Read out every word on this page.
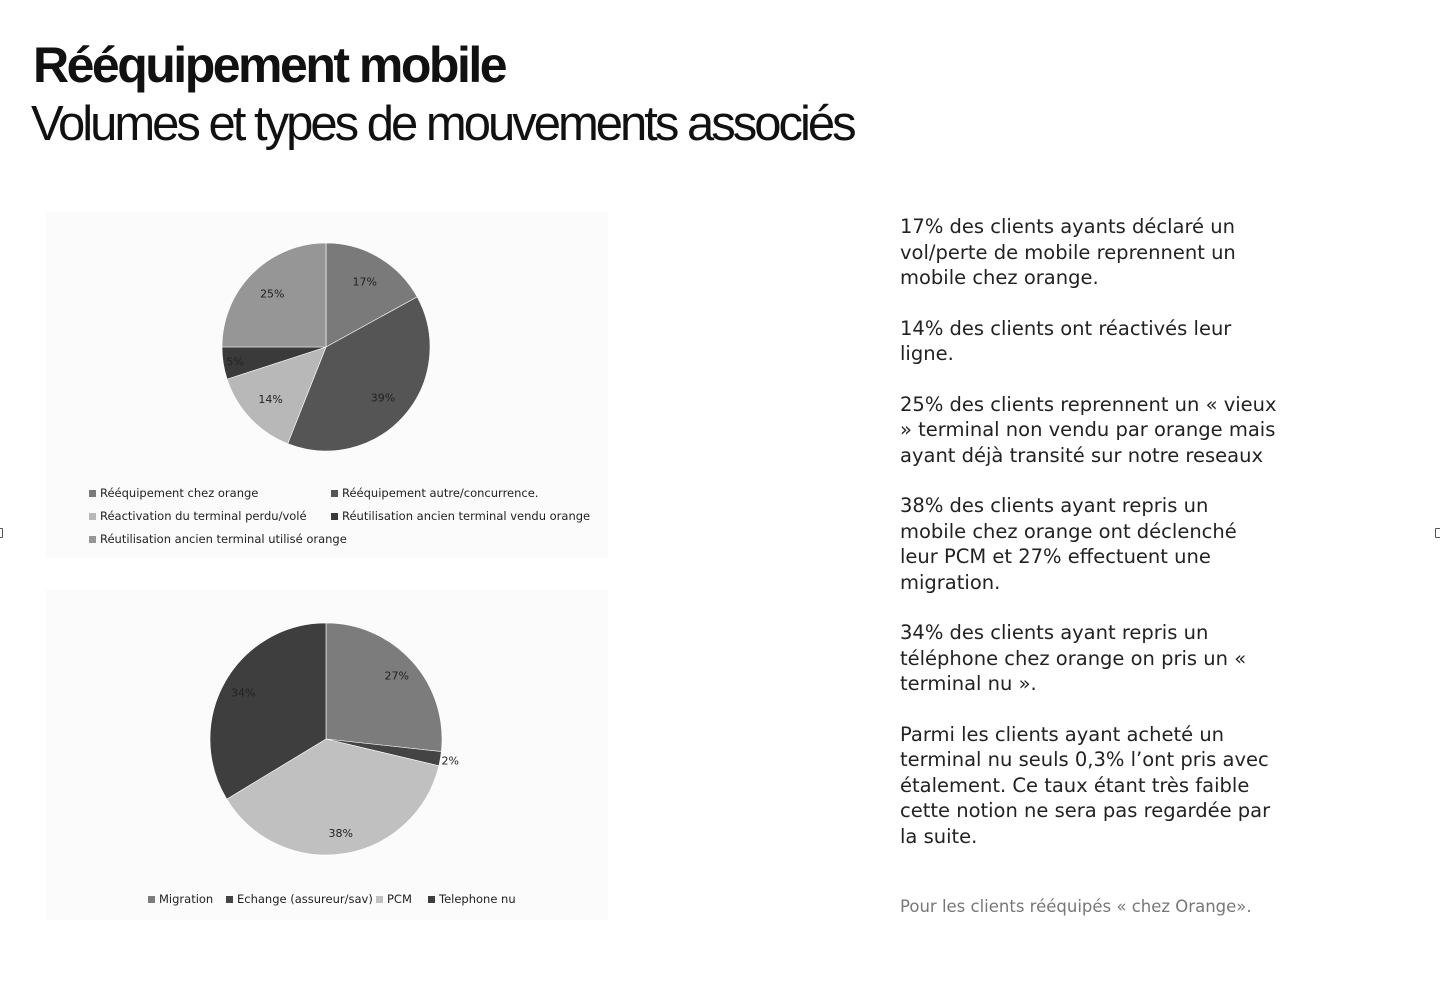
Rééquipement mobile
Volumes et types de mouvements associés
17%
39%
14%
5%
25%
Rééquipement chez orange	Rééquipement autre/concurrence.
Réactivation du terminal perdu/volé	Réutilisation ancien terminal vendu orange
Réutilisation ancien terminal utilisé orange
27%
2%
38%
34%
Migration Echange (assureur/sav) PCM Telephone nu

17% des clients ayants déclaré un vol/perte de mobile reprennent un mobile chez orange.

14% des clients ont réactivés leur ligne.

25% des clients reprennent un « vieux » terminal non vendu par orange mais ayant déjà transité sur notre reseaux

38% des clients ayant repris un mobile chez orange ont déclenché leur PCM et 27% effectuent une migration.

34% des clients ayant repris un téléphone chez orange on pris un « terminal nu ».

Parmi les clients ayant acheté un terminal nu seuls 0,3% l’ont pris avec étalement. Ce taux étant très faible cette notion ne sera pas regardée par la suite.

Pour les clients rééquipés « chez Orange».
